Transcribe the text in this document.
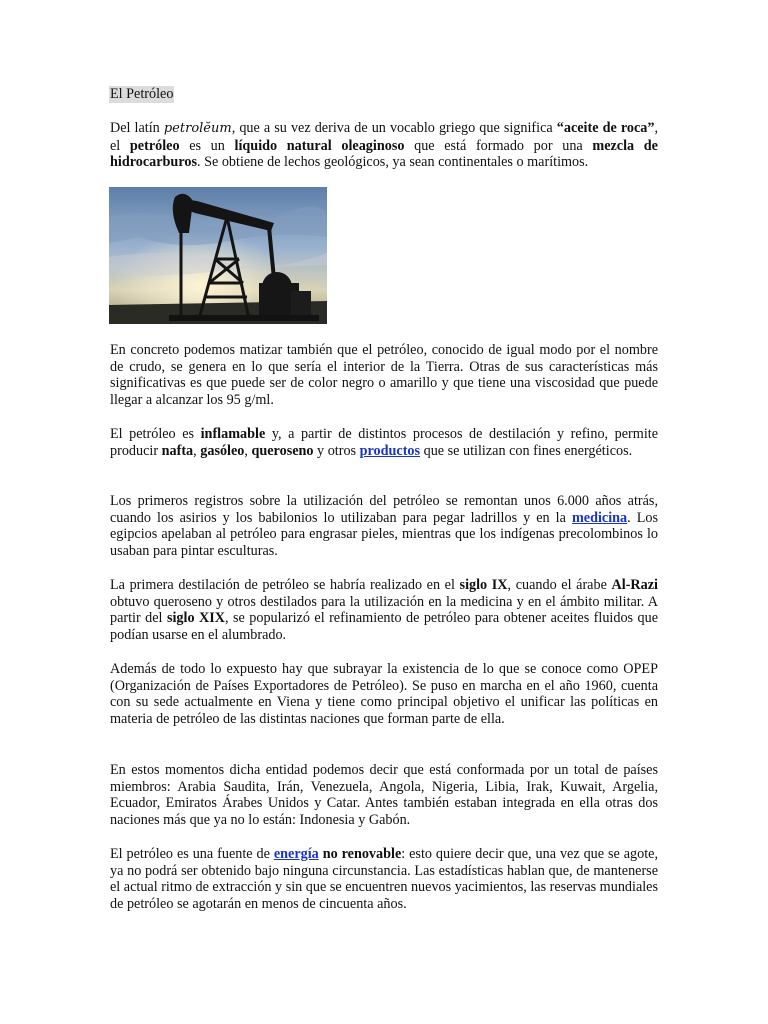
El Petróleo

Del latín petrolĕum, que a su vez deriva de un vocablo griego que significa “aceite de roca”, el petróleo es un líquido natural oleaginoso que está formado por una mezcla de hidrocarburos. Se obtiene de lechos geológicos, ya sean continentales o marítimos.

En concreto podemos matizar también que el petróleo, conocido de igual modo por el nombre de crudo, se genera en lo que sería el interior de la Tierra. Otras de sus características más significativas es que puede ser de color negro o amarillo y que tiene una viscosidad que puede llegar a alcanzar los 95 g/ml.

El petróleo es inflamable y, a partir de distintos procesos de destilación y refino, permite producir nafta, gasóleo, queroseno y otros productos que se utilizan con fines energéticos.

Los primeros registros sobre la utilización del petróleo se remontan unos 6.000 años atrás, cuando los asirios y los babilonios lo utilizaban para pegar ladrillos y en la medicina. Los egipcios apelaban al petróleo para engrasar pieles, mientras que los indígenas precolombinos lo usaban para pintar esculturas.

La primera destilación de petróleo se habría realizado en el siglo IX, cuando el árabe Al-Razi obtuvo queroseno y otros destilados para la utilización en la medicina y en el ámbito militar. A partir del siglo XIX, se popularizó el refinamiento de petróleo para obtener aceites fluidos que podían usarse en el alumbrado.

Además de todo lo expuesto hay que subrayar la existencia de lo que se conoce como OPEP (Organización de Países Exportadores de Petróleo). Se puso en marcha en el año 1960, cuenta con su sede actualmente en Viena y tiene como principal objetivo el unificar las políticas en materia de petróleo de las distintas naciones que forman parte de ella.

En estos momentos dicha entidad podemos decir que está conformada por un total de países miembros: Arabia Saudita, Irán, Venezuela, Angola, Nigeria, Libia, Irak, Kuwait, Argelia, Ecuador, Emiratos Árabes Unidos y Catar. Antes también estaban integrada en ella otras dos naciones más que ya no lo están: Indonesia y Gabón.

El petróleo es una fuente de energía no renovable: esto quiere decir que, una vez que se agote, ya no podrá ser obtenido bajo ninguna circunstancia. Las estadísticas hablan que, de mantenerse el actual ritmo de extracción y sin que se encuentren nuevos yacimientos, las reservas mundiales de petróleo se agotarán en menos de cincuenta años.
